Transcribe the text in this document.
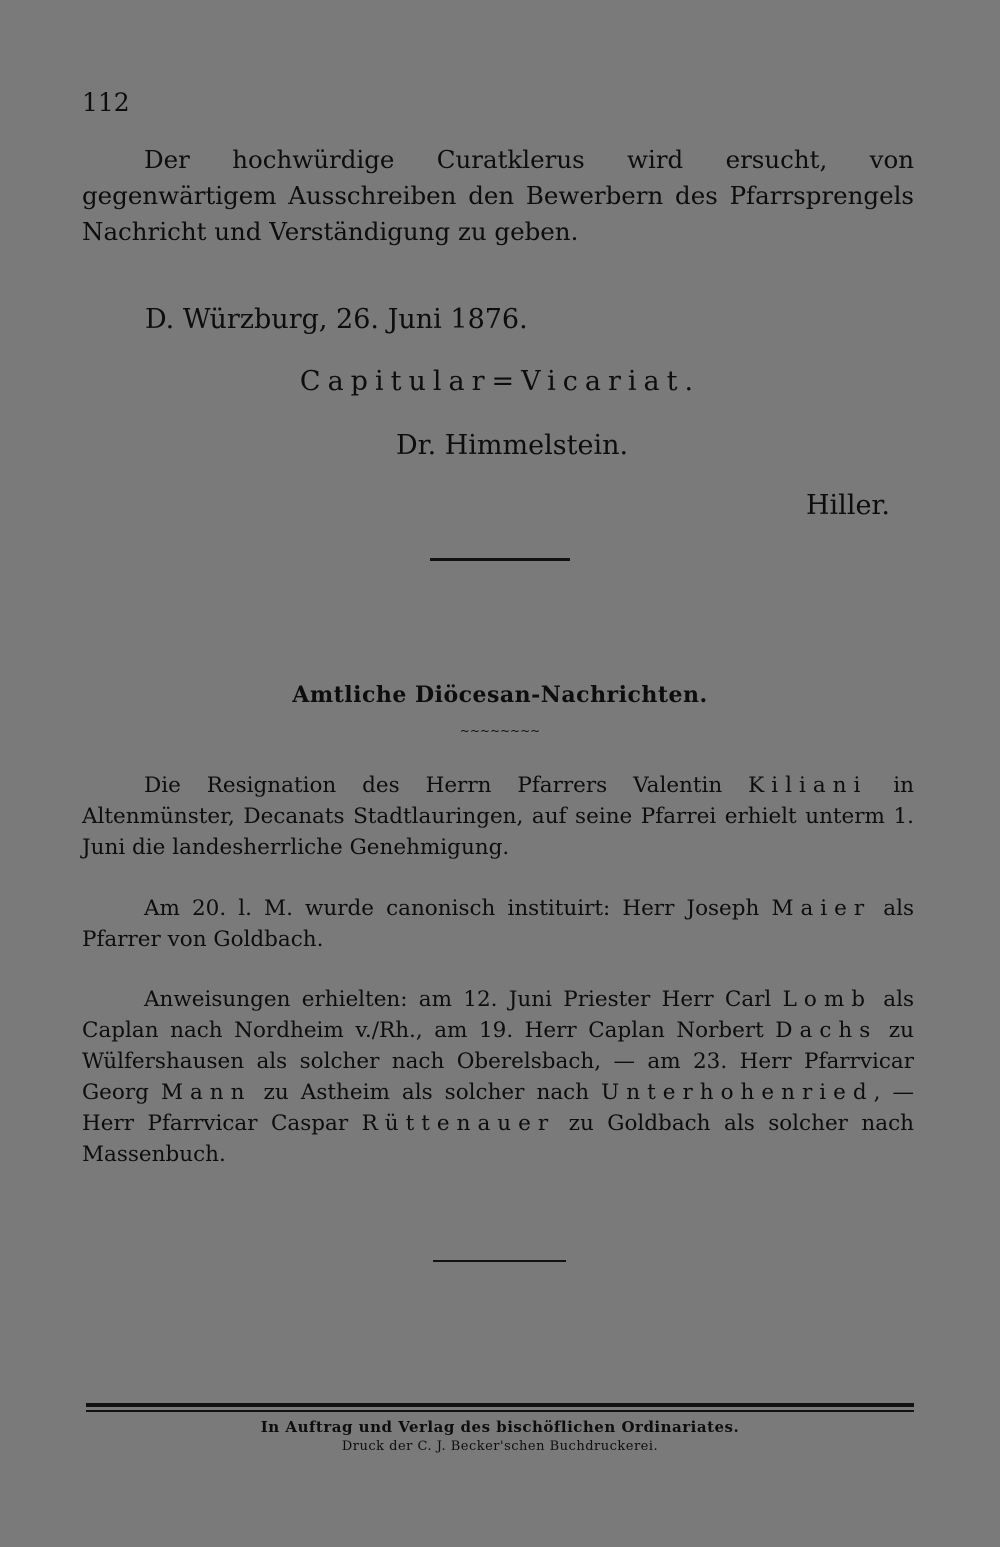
112

Der hochwürdige Curatklerus wird ersucht, von gegenwärtigem Ausschreiben den Bewerbern des Pfarrsprengels Nachricht und Verständigung zu geben.

D. Würzburg, 26. Juni 1876.
Capitular=Vicariat.
Dr. Himmelstein.
Hiller.
Amtliche Diöcesan-Nachrichten.
~~~~~~~~

Die Resignation des Herrn Pfarrers Valentin Kiliani in Altenmünster, Decanats Stadtlauringen, auf seine Pfarrei erhielt unterm 1. Juni die landesherrliche Genehmigung.

Am 20. l. M. wurde canonisch instituirt: Herr Joseph Maier als Pfarrer von Goldbach.

Anweisungen erhielten: am 12. Juni Priester Herr Carl Lomb als Caplan nach Nordheim v./Rh., am 19. Herr Caplan Norbert Dachs zu Wülfershausen als solcher nach Oberelsbach, — am 23. Herr Pfarrvicar Georg Mann zu Astheim als solcher nach Unterhohenried, — Herr Pfarrvicar Caspar Rüttenauer zu Goldbach als solcher nach Massenbuch.

In Auftrag und Verlag des bischöflichen Ordinariates.
Druck der C. J. Becker'schen Buchdruckerei.
